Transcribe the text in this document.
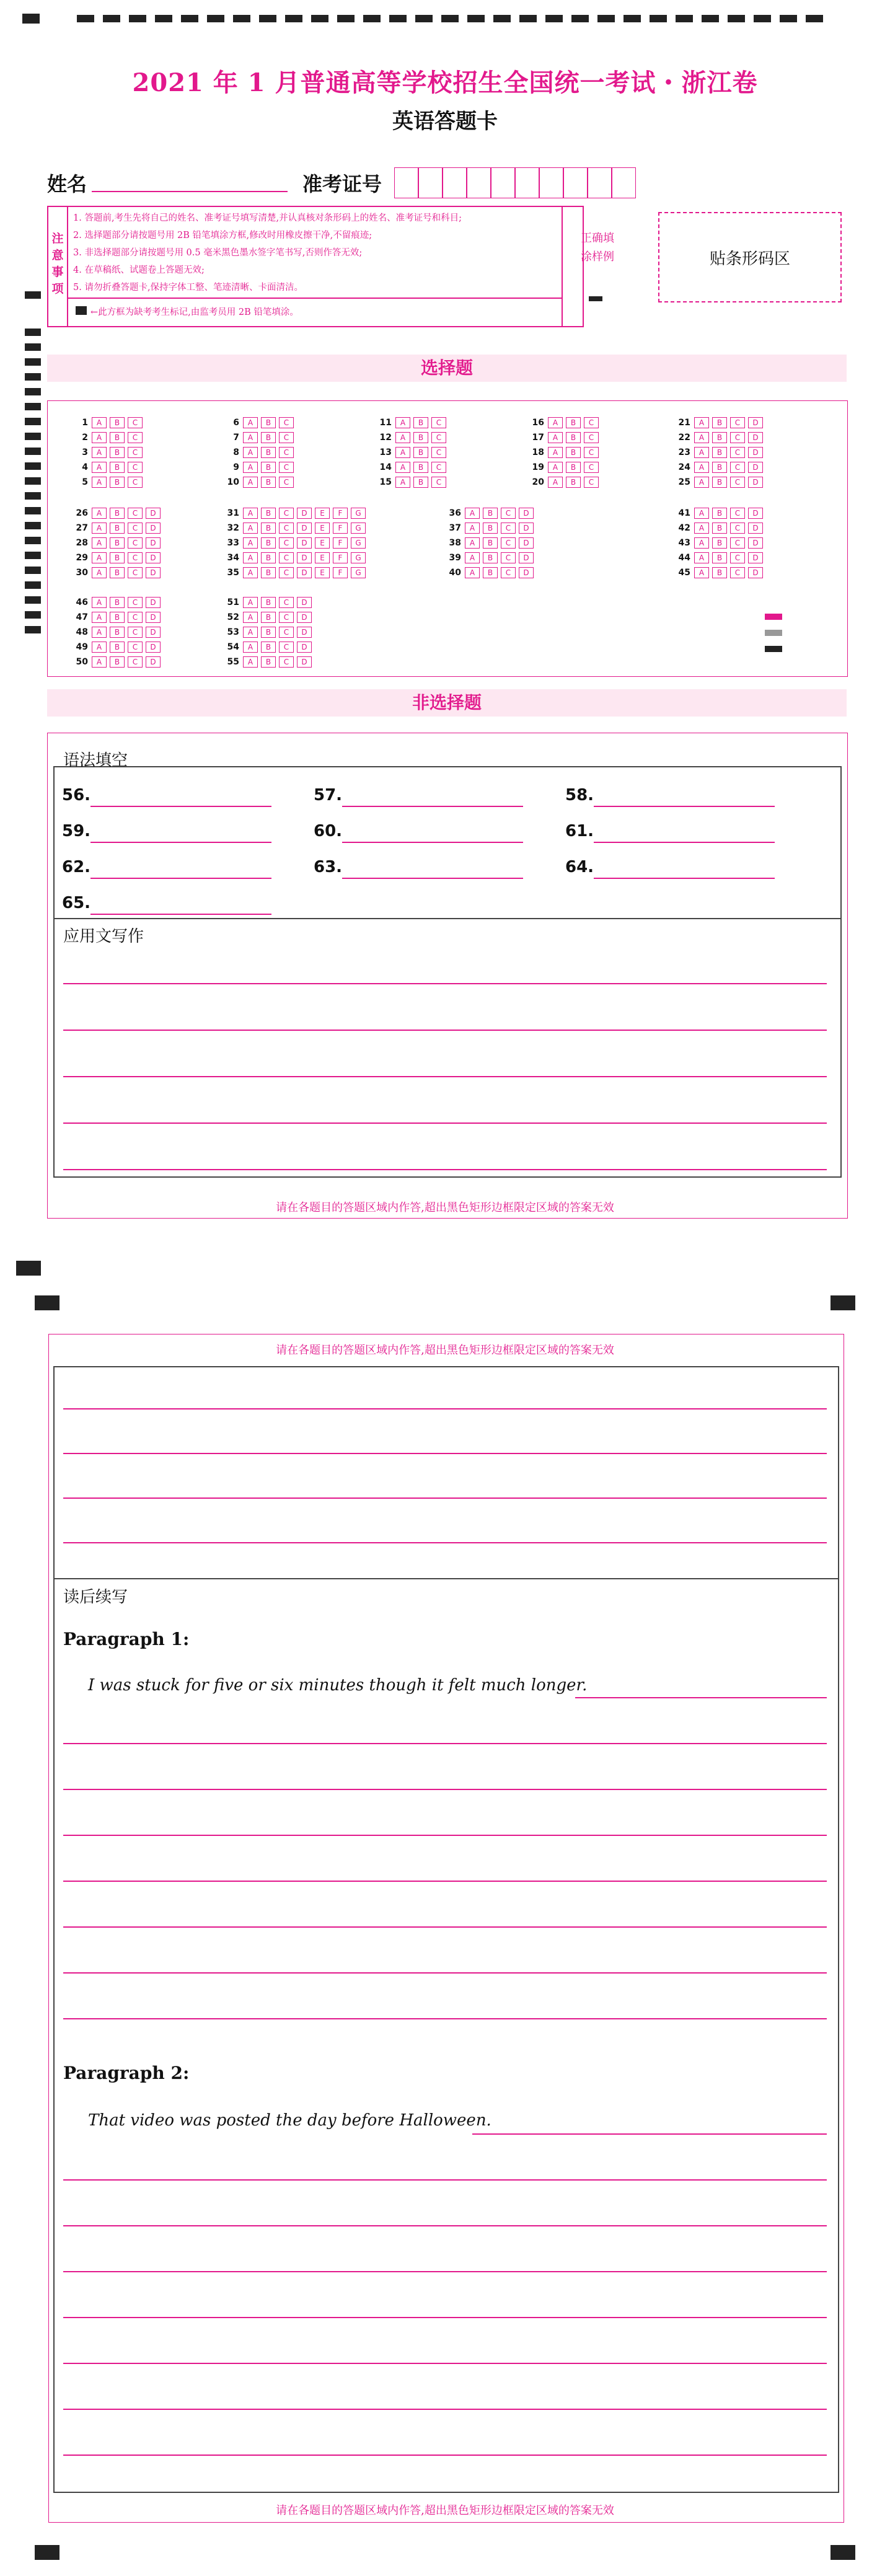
2021 年 1 月普通高等学校招生全国统一考试・浙江卷
英语答题卡
姓名	准考证号
注意事项
1. 答题前,考生先将自己的姓名、准考证号填写清楚,并认真核对条形码上的姓名、准考证号和科目;
2. 选择题部分请按题号用 2B 铅笔填涂方框,修改时用橡皮擦干净,不留痕迹;
3. 非选择题部分请按题号用 0.5 毫米黑色墨水签字笔书写,否则作答无效;
4. 在草稿纸、试题卷上答题无效;
5. 请勿折叠答题卡,保持字体工整、笔迹清晰、卡面清洁。
←此方框为缺考考生标记,由监考员用 2B 铅笔填涂。
正确填涂样例	贴条形码区
选择题
1	A	B	C
2	A	B	C
3	A	B	C
4	A	B	C
5	A	B	C
6	A	B	C
7	A	B	C
8	A	B	C
9	A	B	C
10	A	B	C
11	A	B	C
12	A	B	C
13	A	B	C
14	A	B	C
15	A	B	C
16	A	B	C
17	A	B	C
18	A	B	C
19	A	B	C
20	A	B	C
21	A	B	C	D
22	A	B	C	D
23	A	B	C	D
24	A	B	C	D
25	A	B	C	D
26	A	B	C	D
27	A	B	C	D
28	A	B	C	D
29	A	B	C	D
30	A	B	C	D
31	A	B	C	D	E	F	G
32	A	B	C	D	E	F	G
33	A	B	C	D	E	F	G
34	A	B	C	D	E	F	G
35	A	B	C	D	E	F	G
36	A	B	C	D
37	A	B	C	D
38	A	B	C	D
39	A	B	C	D
40	A	B	C	D
41	A	B	C	D
42	A	B	C	D
43	A	B	C	D
44	A	B	C	D
45	A	B	C	D
46	A	B	C	D
47	A	B	C	D
48	A	B	C	D
49	A	B	C	D
50	A	B	C	D
51	A	B	C	D
52	A	B	C	D
53	A	B	C	D
54	A	B	C	D
55	A	B	C	D
非选择题
语法填空
56.	57.	58.
59.	60.	61.
62.	63.	64.
65.
应用文写作
请在各题目的答题区域内作答,超出黑色矩形边框限定区域的答案无效
请在各题目的答题区域内作答,超出黑色矩形边框限定区域的答案无效
读后续写
Paragraph 1:
I was stuck for five or six minutes though it felt much longer.
Paragraph 2:
That video was posted the day before Halloween.
请在各题目的答题区域内作答,超出黑色矩形边框限定区域的答案无效
